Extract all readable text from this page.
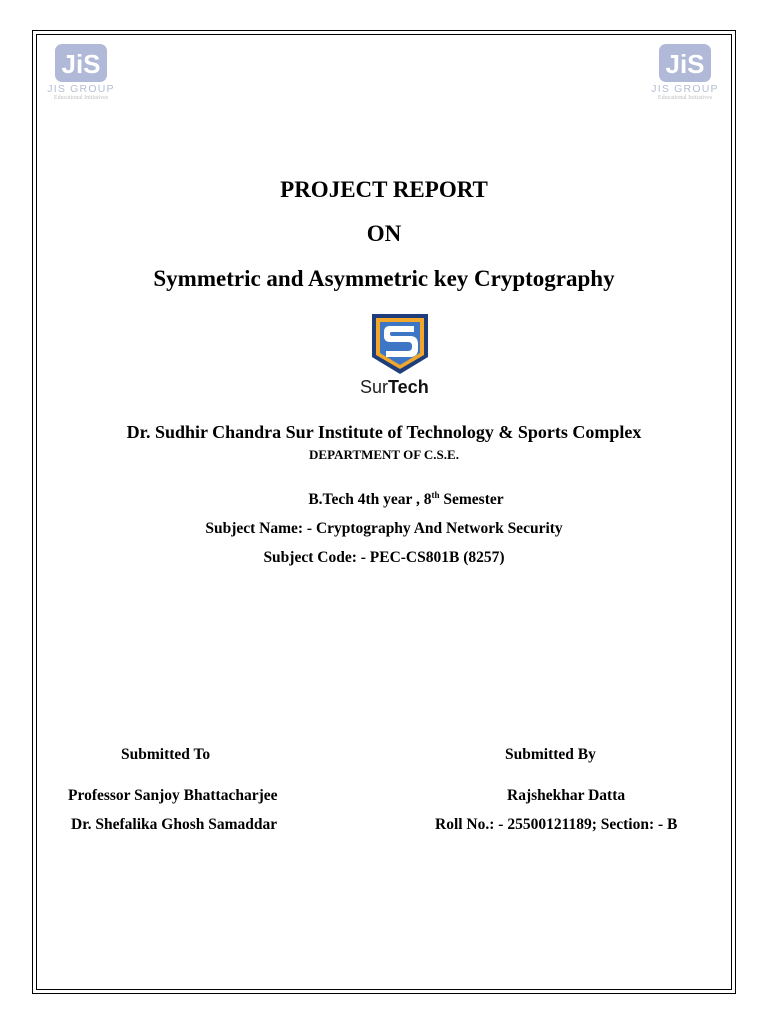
JiS
JIS GROUP
Educational Initiatives
JiS
JIS GROUP
Educational Initiatives
PROJECT REPORT
ON
Symmetric and Asymmetric key Cryptography
SurTech
Dr. Sudhir Chandra Sur Institute of Technology & Sports Complex
DEPARTMENT OF C.S.E.
B.Tech 4th year , 8th Semester
Subject Name: - Cryptography And Network Security
Subject Code: - PEC-CS801B (8257)
Submitted To
Professor Sanjoy Bhattacharjee
Dr. Shefalika Ghosh Samaddar
Submitted By
Rajshekhar Datta
Roll No.: - 25500121189; Section: - B
